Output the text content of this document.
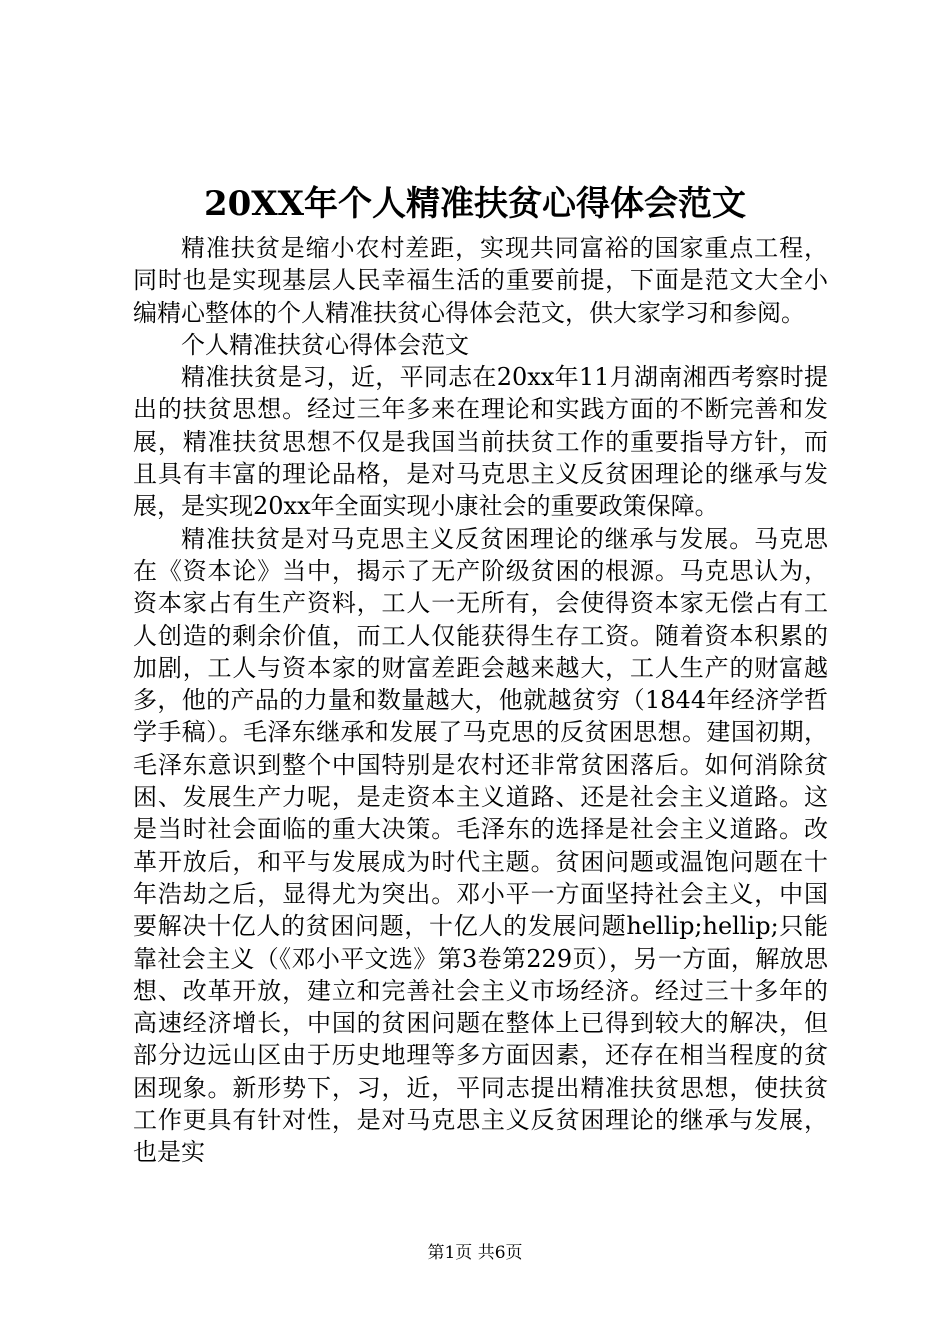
20XX年个人精准扶贫心得体会范文

精准扶贫是缩小农村差距，实现共同富裕的国家重点工程，同时也是实现基层人民幸福生活的重要前提，下面是范文大全小编精心整体的个人精准扶贫心得体会范文，供大家学习和参阅。

个人精准扶贫心得体会范文

精准扶贫是习，近，平同志在20xx年11月湖南湘西考察时提出的扶贫思想。经过三年多来在理论和实践方面的不断完善和发展，精准扶贫思想不仅是我国当前扶贫工作的重要指导方针，而且具有丰富的理论品格，是对马克思主义反贫困理论的继承与发展，是实现20xx年全面实现小康社会的重要政策保障。

精准扶贫是对马克思主义反贫困理论的继承与发展。马克思在《资本论》当中，揭示了无产阶级贫困的根源。马克思认为，资本家占有生产资料，工人一无所有，会使得资本家无偿占有工人创造的剩余价值，而工人仅能获得生存工资。随着资本积累的加剧，工人与资本家的财富差距会越来越大，工人生产的财富越多，他的产品的力量和数量越大，他就越贫穷（1844年经济学哲学手稿）。毛泽东继承和发展了马克思的反贫困思想。建国初期，毛泽东意识到整个中国特别是农村还非常贫困落后。如何消除贫困、发展生产力呢，是走资本主义道路、还是社会主义道路。这是当时社会面临的重大决策。毛泽东的选择是社会主义道路。改革开放后，和平与发展成为时代主题。贫困问题或温饱问题在十年浩劫之后，显得尤为突出。邓小平一方面坚持社会主义，中国要解决十亿人的贫困问题，十亿人的发展问题hellip;hellip;只能靠社会主义（《邓小平文选》第3卷第229页），另一方面，解放思想、改革开放，建立和完善社会主义市场经济。经过三十多年的高速经济增长，中国的贫困问题在整体上已得到较大的解决，但部分边远山区由于历史地理等多方面因素，还存在相当程度的贫困现象。新形势下，习，近，平同志提出精准扶贫思想，使扶贫工作更具有针对性，是对马克思主义反贫困理论的继承与发展，也是实

第1页 共6页
